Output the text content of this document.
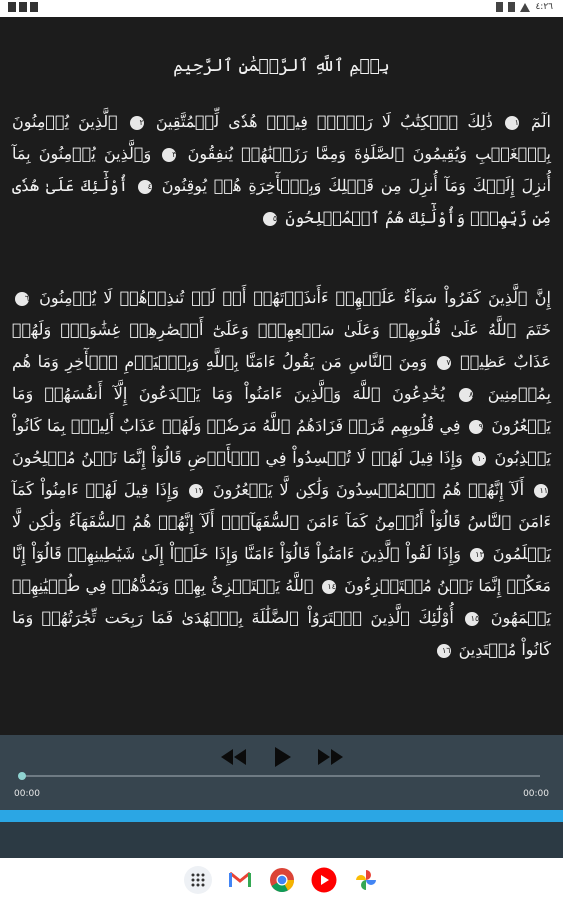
٤:٢٦
بِسۡمِ ٱللَّهِ ٱلرَّحۡمَٰنِ ٱلرَّحِيمِ
الٓمٓ ١ ذَٰلِكَ ٱلۡكِتَٰبُ لَا رَيۡبَۛ فِيهِۛ هُدٗى لِّلۡمُتَّقِينَ ٢ ٱلَّذِينَ يُؤۡمِنُونَ بِٱلۡغَيۡبِ وَيُقِيمُونَ ٱلصَّلَوٰةَ وَمِمَّا رَزَقۡنَٰهُمۡ يُنفِقُونَ ٣ وَٱلَّذِينَ يُؤۡمِنُونَ بِمَآ أُنزِلَ إِلَيۡكَ وَمَآ أُنزِلَ مِن قَبۡلِكَ وَبِٱلۡأٓخِرَةِ هُمۡ يُوقِنُونَ ٤ أُوْلَٰٓئِكَ عَلَىٰ هُدٗى مِّن رَّبِّهِمۡۖ وَأُوْلَٰٓئِكَ هُمُ ٱلۡمُفۡلِحُونَ ٥
إِنَّ ٱلَّذِينَ كَفَرُواْ سَوَآءٌ عَلَيۡهِمۡ ءَأَنذَرۡتَهُمۡ أَمۡ لَمۡ تُنذِرۡهُمۡ لَا يُؤۡمِنُونَ ٦ خَتَمَ ٱللَّهُ عَلَىٰ قُلُوبِهِمۡ وَعَلَىٰ سَمۡعِهِمۡۖ وَعَلَىٰٓ أَبۡصَٰرِهِمۡ غِشَٰوَةٞۖ وَلَهُمۡ عَذَابٌ عَظِيمٞ ٧ وَمِنَ ٱلنَّاسِ مَن يَقُولُ ءَامَنَّا بِٱللَّهِ وَبِٱلۡيَوۡمِ ٱلۡأٓخِرِ وَمَا هُم بِمُؤۡمِنِينَ ٨ يُخَٰدِعُونَ ٱللَّهَ وَٱلَّذِينَ ءَامَنُواْ وَمَا يَخۡدَعُونَ إِلَّآ أَنفُسَهُمۡ وَمَا يَشۡعُرُونَ ٩ فِي قُلُوبِهِم مَّرَضٞ فَزَادَهُمُ ٱللَّهُ مَرَضٗاۖ وَلَهُمۡ عَذَابٌ أَلِيمُۢ بِمَا كَانُواْ يَكۡذِبُونَ ١٠ وَإِذَا قِيلَ لَهُمۡ لَا تُفۡسِدُواْ فِي ٱلۡأَرۡضِ قَالُوٓاْ إِنَّمَا نَحۡنُ مُصۡلِحُونَ ١١ أَلَآ إِنَّهُمۡ هُمُ ٱلۡمُفۡسِدُونَ وَلَٰكِن لَّا يَشۡعُرُونَ ١٢ وَإِذَا قِيلَ لَهُمۡ ءَامِنُواْ كَمَآ ءَامَنَ ٱلنَّاسُ قَالُوٓاْ أَنُؤۡمِنُ كَمَآ ءَامَنَ ٱلسُّفَهَآءُۗ أَلَآ إِنَّهُمۡ هُمُ ٱلسُّفَهَآءُ وَلَٰكِن لَّا يَعۡلَمُونَ ١٣ وَإِذَا لَقُواْ ٱلَّذِينَ ءَامَنُواْ قَالُوٓاْ ءَامَنَّا وَإِذَا خَلَوۡاْ إِلَىٰ شَيَٰطِينِهِمۡ قَالُوٓاْ إِنَّا مَعَكُمۡ إِنَّمَا نَحۡنُ مُسۡتَهۡزِءُونَ ١٤ ٱللَّهُ يَسۡتَهۡزِئُ بِهِمۡ وَيَمُدُّهُمۡ فِي طُغۡيَٰنِهِمۡ يَعۡمَهُونَ ١٥ أُوْلَٰٓئِكَ ٱلَّذِينَ ٱشۡتَرَوُاْ ٱلضَّلَٰلَةَ بِٱلۡهُدَىٰ فَمَا رَبِحَت تِّجَٰرَتُهُمۡ وَمَا كَانُواْ مُهۡتَدِينَ ١٦
00:00	00:00
